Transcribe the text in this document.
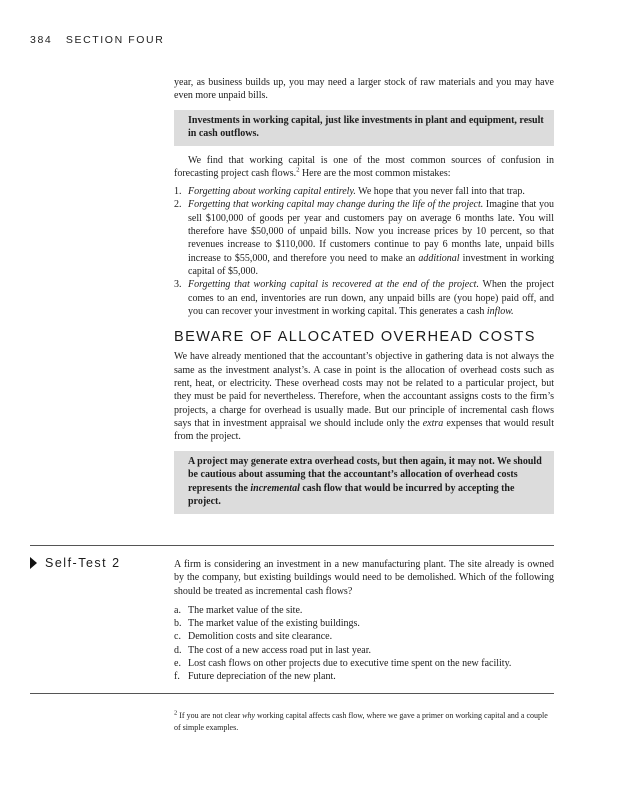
384 SECTION FOUR

year, as business builds up, you may need a larger stock of raw materials and you may have even more unpaid bills.

Investments in working capital, just like investments in plant and equipment, result in cash outflows.

We find that working capital is one of the most common sources of confusion in forecasting project cash flows.$^2$ Here are the most common mistakes:

1. Forgetting about working capital entirely. We hope that you never fall into that trap.
2. Forgetting that working capital may change during the life of the project. Imagine that you sell $100,000 of goods per year and customers pay on average 6 months late. You will therefore have $50,000 of unpaid bills. Now you increase prices by 10 percent, so that revenues increase to $110,000. If customers continue to pay 6 months late, unpaid bills increase to $55,000, and therefore you need to make an additional investment in working capital of $5,000.
3. Forgetting that working capital is recovered at the end of the project. When the project comes to an end, inventories are run down, any unpaid bills are (you hope) paid off, and you can recover your investment in working capital. This generates a cash inflow.
BEWARE OF ALLOCATED OVERHEAD COSTS

We have already mentioned that the accountant’s objective in gathering data is not always the same as the investment analyst’s. A case in point is the allocation of overhead costs such as rent, heat, or electricity. These overhead costs may not be related to a particular project, but they must be paid for nevertheless. Therefore, when the accountant assigns costs to the firm’s projects, a charge for overhead is usually made. But our principle of incremental cash flows says that in investment appraisal we should include only the extra expenses that would result from the project.

A project may generate extra overhead costs, but then again, it may not. We should be cautious about assuming that the accountant’s allocation of overhead costs represents the incremental cash flow that would be incurred by accepting the project.
Self-Test 2	A firm is considering an investment in a new manufacturing plant. The site already is owned by the company, but existing buildings would need to be demolished. Which of the following should be treated as incremental cash flows?

a. The market value of the site.
b. The market value of the existing buildings.
c. Demolition costs and site clearance.
d. The cost of a new access road put in last year.
e. Lost cash flows on other projects due to executive time spent on the new facility.
f. Future depreciation of the new plant.
$^2$ If you are not clear why working capital affects cash flow, where we gave a primer on working capital and a couple of simple examples.
